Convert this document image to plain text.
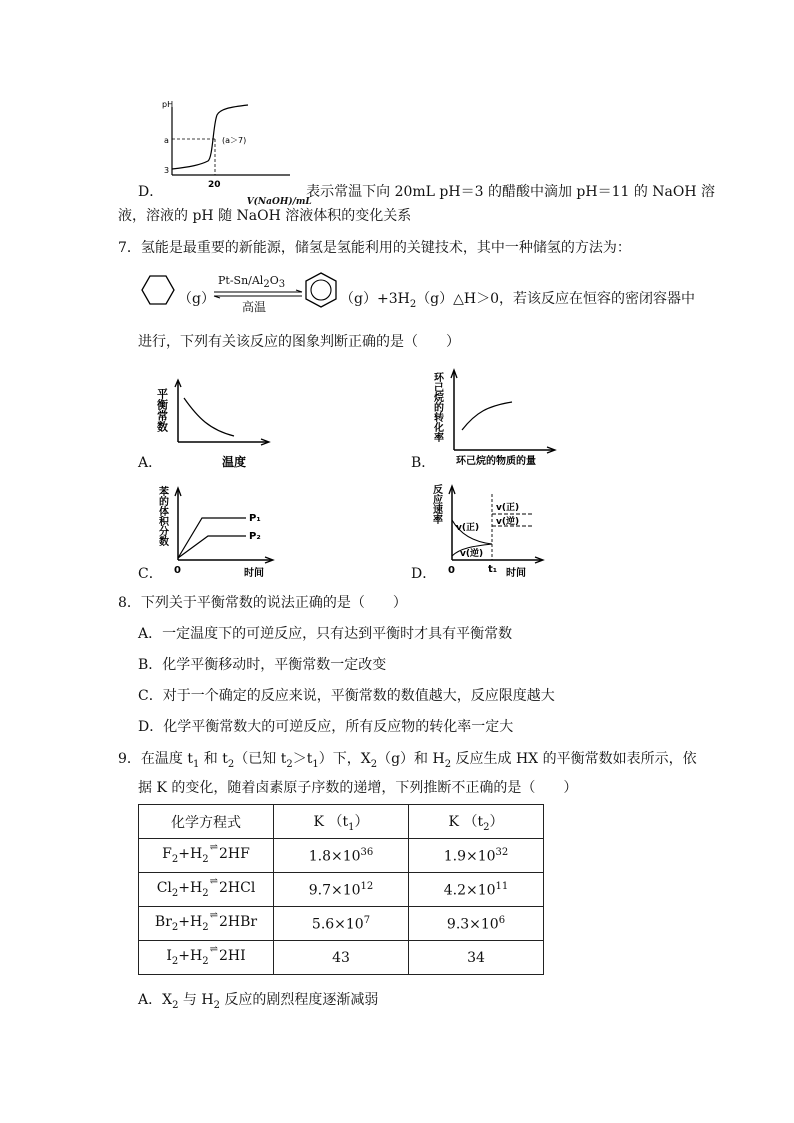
pH
a
3
20
(a＞7)
D．
V(NaOH)/mL
表示常温下向 20mL pH＝3 的醋酸中滴加 pH＝11 的 NaOH 溶
液，溶液的 pH 随 NaOH 溶液体积的变化关系
7．氢能是最重要的新能源，储氢是氢能利用的关键技术，其中一种储氢的方法为：
（g）
$Pt-Sn/Al_2O_3$
高温	$(g)+3H_2(g)\triangle H>0$，若该反应在恒容的密闭容器中
进行，下列有关该反应的图象判断正确的是（　　）
平衡常数
温度
A．
环己烷的转化率
环己烷的物质的量
B．
P₁
P₂
苯的体积分数
0	时间
C．
反应速率
v(正)
v(逆)
v(正)
v(逆)
0	t₁ 时间
D．
8．下列关于平衡常数的说法正确的是（　　）
A．一定温度下的可逆反应，只有达到平衡时才具有平衡常数
B．化学平衡移动时，平衡常数一定改变
C．对于一个确定的反应来说，平衡常数的数值越大，反应限度越大
D．化学平衡常数大的可逆反应，所有反应物的转化率一定大
9．在温度 $t_1$ 和 $t_2$（已知 $t_2>t_1$）下，$X_2(g)$和 $H_2$ 反应生成 HX 的平衡常数如表所示，依
据 K 的变化，随着卤素原子序数的递增，下列推断不正确的是（　　）
化学方程式	K $(t_1)$	K $(t_2)$
$F_2+H_2\rightleftharpoons 2HF$	$1.8\times 10^{36}$	$1.9\times 10^{32}$
$Cl_2+H_2\rightleftharpoons 2HCl$	$9.7\times 10^{12}$	$4.2\times 10^{11}$
$Br_2+H_2\rightleftharpoons 2HBr$	$5.6\times 10^7$	$9.3\times 10^6$
$I_2+H_2\rightleftharpoons 2HI$	43	34
A．$X_2$ 与 $H_2$ 反应的剧烈程度逐渐减弱
